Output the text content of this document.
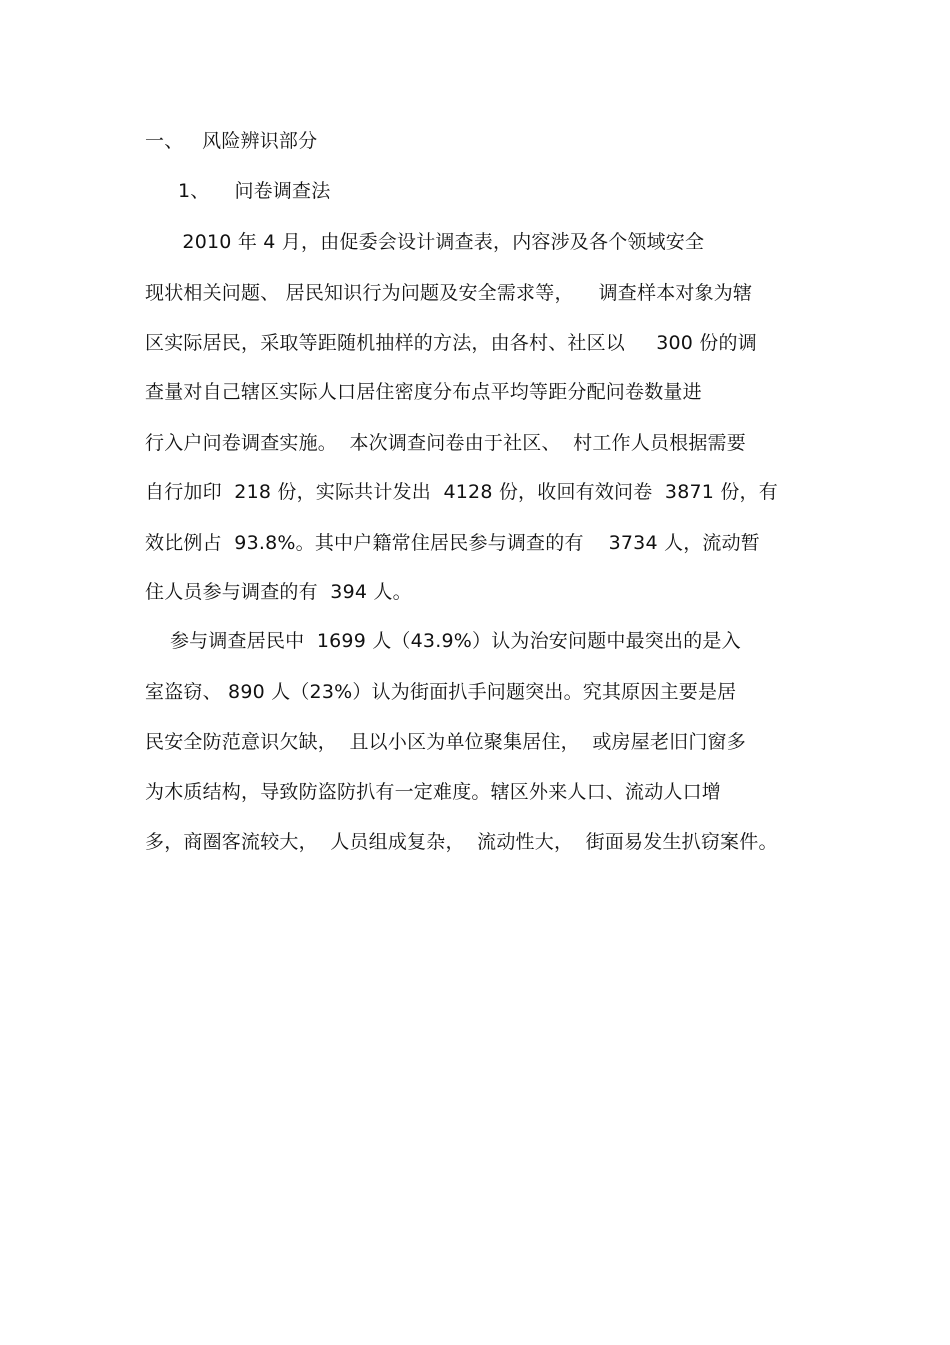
一、   风险辨识部分
1、    问卷调查法
2010 年 4 月，由促委会设计调查表，内容涉及各个领域安全
现状相关问题、 居民知识行为问题及安全需求等，    调查样本对象为辖
区实际居民，采取等距随机抽样的方法，由各村、社区以     300 份的调
查量对自己辖区实际人口居住密度分布点平均等距分配问卷数量进
行入户问卷调查实施。  本次调查问卷由于社区、  村工作人员根据需要
自行加印  218 份，实际共计发出  4128 份，收回有效问卷  3871 份，有
效比例占  93.8%。其中户籍常住居民参与调查的有    3734 人，流动暂
住人员参与调查的有  394 人。
参与调查居民中  1699 人（43.9%）认为治安问题中最突出的是入
室盗窃、 890 人（23%）认为街面扒手问题突出。究其原因主要是居
民安全防范意识欠缺，  且以小区为单位聚集居住，  或房屋老旧门窗多
为木质结构，导致防盗防扒有一定难度。辖区外来人口、流动人口增
多，商圈客流较大，  人员组成复杂，  流动性大，  街面易发生扒窃案件。
